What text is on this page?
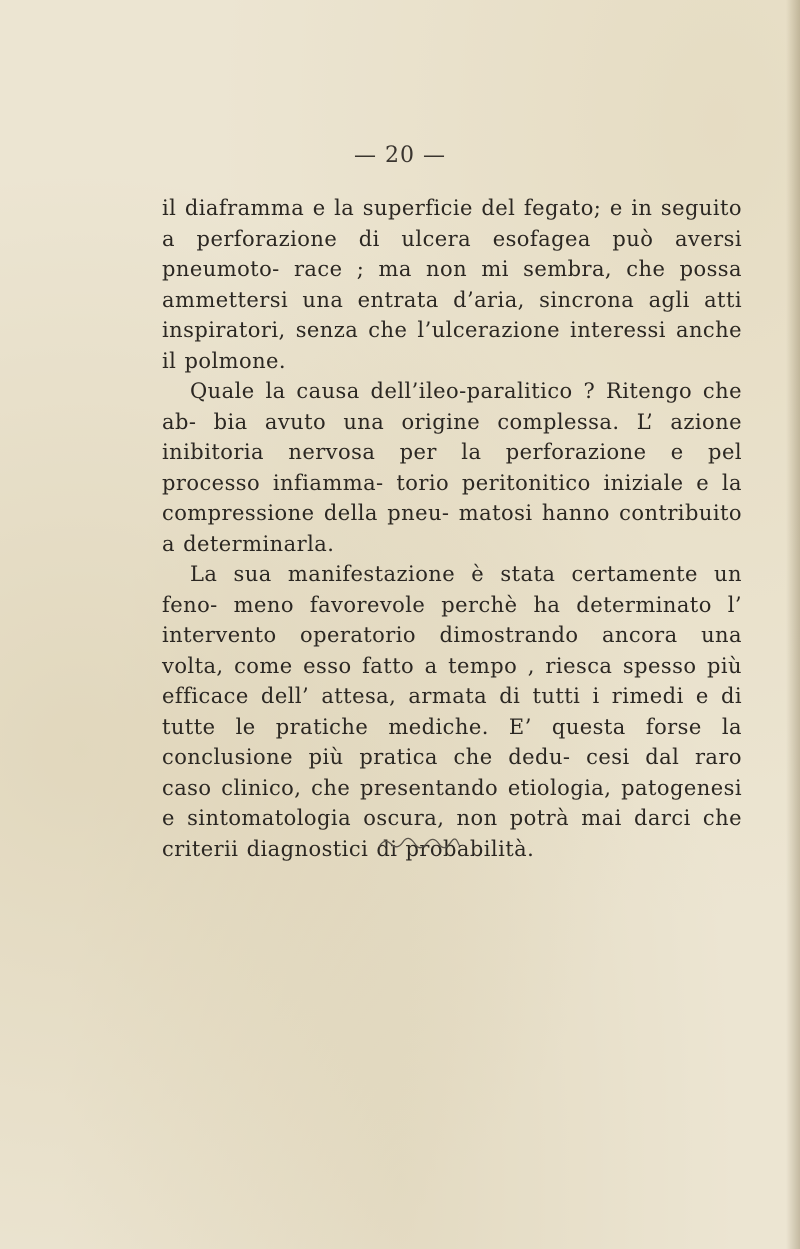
— 20 —

il diaframma e la superficie del fegato; e in seguito a perforazione di ulcera esofagea può aversi pneumoto- race ; ma non mi sembra, che possa ammettersi una entrata d’aria, sincrona agli atti inspiratori, senza che l’ulcerazione interessi anche il polmone.

Quale la causa dell’ileo-paralitico ? Ritengo che ab- bia avuto una origine complessa. L’ azione inibitoria nervosa per la perforazione e pel processo infiamma- torio peritonitico iniziale e la compressione della pneu- matosi hanno contribuito a determinarla.

La sua manifestazione è stata certamente un feno- meno favorevole perchè ha determinato l’ intervento operatorio dimostrando ancora una volta, come esso fatto a tempo , riesca spesso più efficace dell’ attesa, armata di tutti i rimedi e di tutte le pratiche mediche. E’ questa forse la conclusione più pratica che dedu- cesi dal raro caso clinico, che presentando etiologia, patogenesi e sintomatologia oscura, non potrà mai darci che criterii diagnostici di probabilità.
